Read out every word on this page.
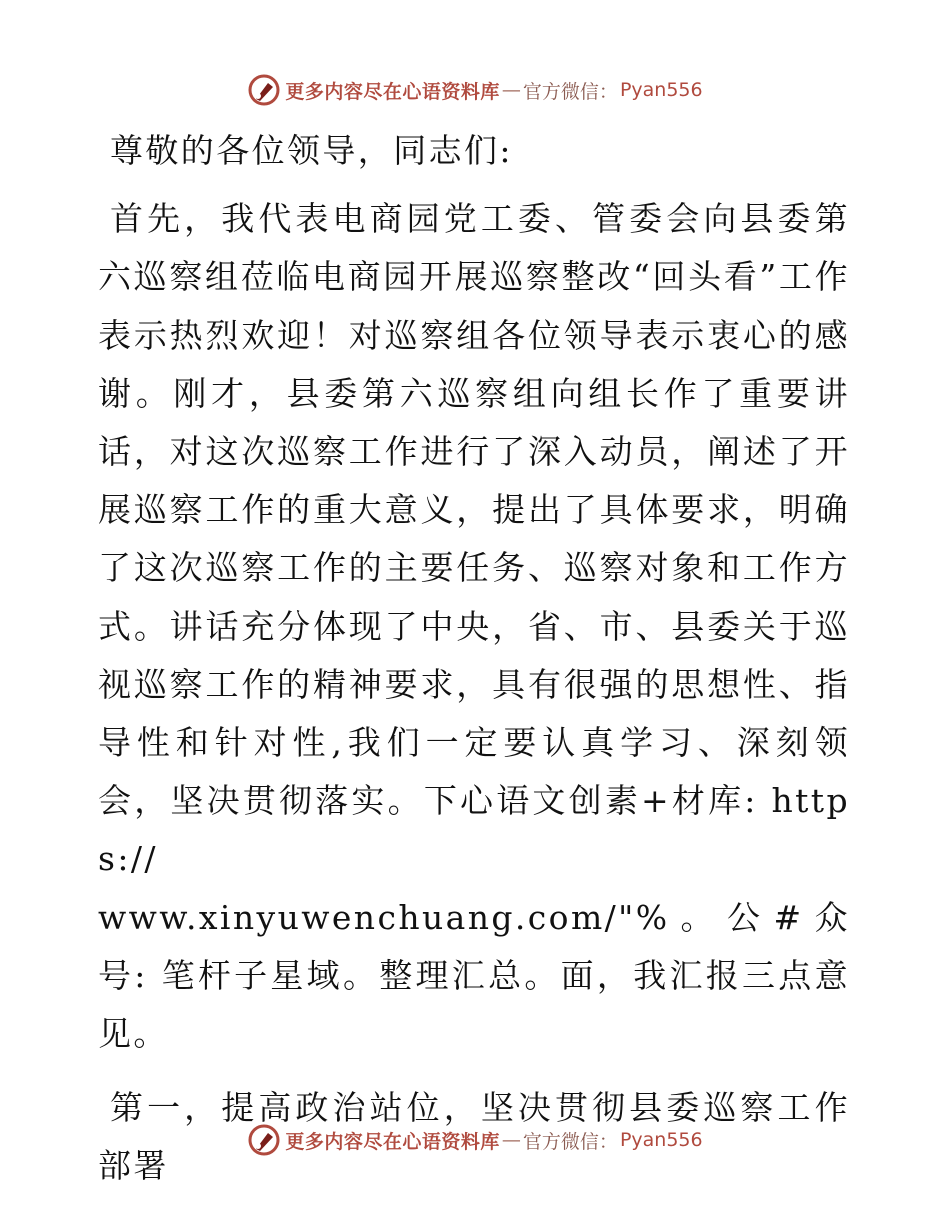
更多内容尽在心语资料库 — 官方微信： Pyan556

尊敬的各位领导，同志们:

首先，我代表电商园党工委、管委会向县委第六巡察组莅临电商园开展巡察整改“回头看”工作表示热烈欢迎！对巡察组各位领导表示衷心的感谢。刚才，县委第六巡察组向组长作了重要讲话，对这次巡察工作进行了深入动员，阐述了开展巡察工作的重大意义，提出了具体要求，明确了这次巡察工作的主要任务、巡察对象和工作方式。讲话充分体现了中央，省、市、县委关于巡视巡察工作的精神要求，具有很强的思想性、指导性和针对性,我们一定要认真学习、深刻领会，坚决贯彻落实。下心语文创素+材库: https://

www.xinyuwenchuang.com/"%。公#众号: 笔杆子星域。整理汇总。面，我汇报三点意见。

第一，提高政治站位，坚决贯彻县委巡察工作部署

更多内容尽在心语资料库 — 官方微信： Pyan556
